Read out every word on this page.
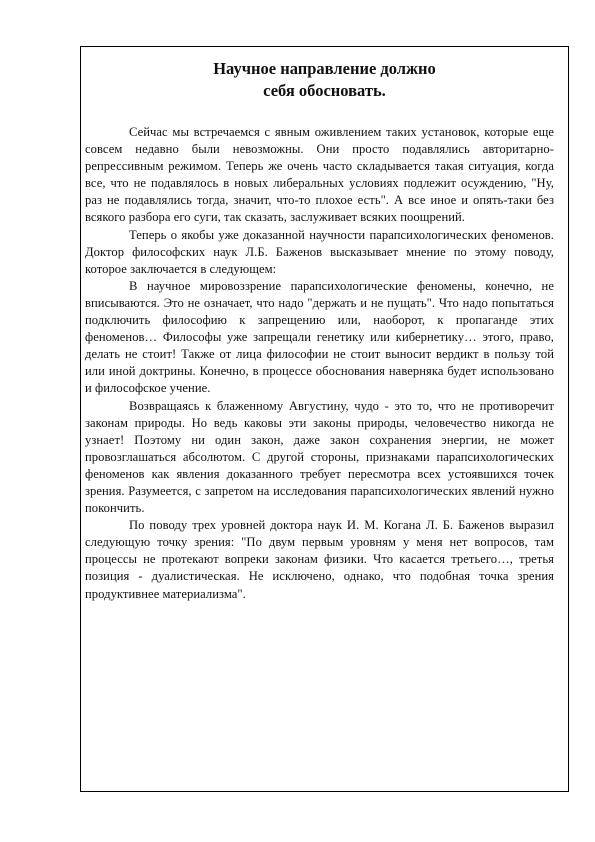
Научное направление должно
себя обосновать.

Сейчас мы встречаемся с явным оживлением таких установок, которые еще совсем недавно были невозможны. Они просто подавлялись авторитарно-репрессивным режимом. Теперь же очень часто складывается такая ситуация, когда все, что не подавлялось в новых либеральных условиях подлежит осуждению, "Ну, раз не подавлялись тогда, значит, что-то плохое есть". А все иное и опять-таки без всякого разбора его суги, так сказать, заслуживает всяких поощрений.

Теперь о якобы уже доказанной научности парапсихологических феноменов. Доктор философских наук Л.Б. Баженов высказывает мнение по этому поводу, которое заключается в следующем:

В научное мировоззрение парапсихологические феномены, конечно, не вписываются. Это не означает, что надо "держать и не пущать". Что надо попытаться подключить философию к запрещению или, наоборот, к пропаганде этих феноменов… Философы уже запрещали генетику или кибернетику… этого, право, делать не стоит! Также от лица философии не стоит выносит вердикт в пользу той или иной доктрины. Конечно, в процессе обоснования наверняка будет использовано и философское учение.

Возвращаясь к блаженному Августину, чудо - это то, что не противоречит законам природы. Но ведь каковы эти законы природы, человечество никогда не узнает! Поэтому ни один закон, даже закон сохранения энергии, не может провозглашаться абсолютом. С другой стороны, признаками парапсихологических феноменов как явления доказанного требует пересмотра всех устоявшихся точек зрения. Разумеется, с запретом на исследования парапсихологических явлений нужно покончить.

По поводу трех уровней доктора наук И. М. Когана Л. Б. Баженов выразил следующую точку зрения: "По двум первым уровням у меня нет вопросов, там процессы не протекают вопреки законам физики. Что касается третьего…, третья позиция - дуалистическая. Не исключено, однако, что подобная точка зрения продуктивнее материализма".
